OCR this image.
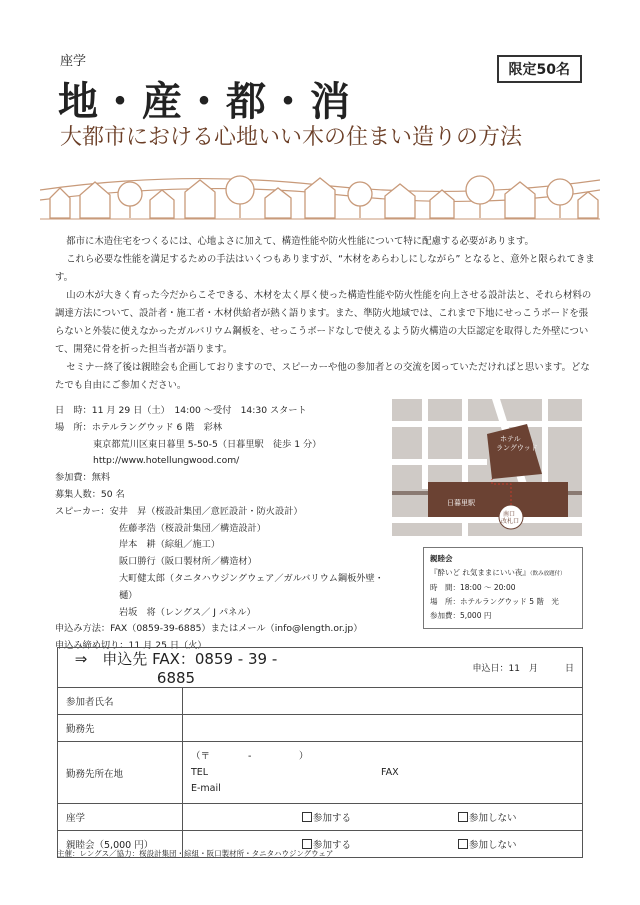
座学
地・産・都・消
大都市における心地いい木の住まい造りの方法
限定50名

都市に木造住宅をつくるには、心地よさに加えて、構造性能や防火性能について特に配慮する必要があります。

これら必要な性能を満足するための手法はいくつもありますが、“木材をあらわしにしながら” となると、意外と限られてきます。

山の木が大きく育った今だからこそできる、木材を太く厚く使った構造性能や防火性能を向上させる設計法と、それら材料の調達方法について、設計者・施工者・木材供給者が熱く語ります。また、準防火地域では、これまで下地にせっこうボードを張らないと外装に使えなかったガルバリウム鋼板を、せっこうボードなしで使えるよう防火構造の大臣認定を取得した外壁について、開発に骨を折った担当者が語ります。

セミナー終了後は親睦会も企画しておりますので、スピーカーや他の参加者との交流を図っていただければと思います。どなたでも自由にご参加ください。

日　時：11 月 29 日（土）　14:00 〜受付　14:30 スタート
場　所：ホテルラングウッド 6 階　彩林
東京都荒川区東日暮里 5-50-5（日暮里駅　徒歩 1 分）
http://www.hotellungwood.com/
参加費：無料
募集人数：50 名
スピーカー： 安井　昇（桜設計集団／意匠設計・防火設計）
佐藤孝浩（桜設計集団／構造設計）
岸本　耕（綜組／施工）
阪口勝行（阪口製材所／構造材）
大町健太郎（タニタハウジングウェア／ガルバリウム鋼板外壁・樋）
岩坂　将（レングス／ J パネル）
申込み方法：FAX（0859-39-6885）またはメール（info@length.or.jp）
申込み締め切り：11 月 25 日（火）
ホテル
ラングウッド
日暮里駅
南口
改札口
親睦会
『酔いど れ気ままにいい夜』（飲み放題付）
時　間：18:00 〜 20:00
場　所：ホテルラングウッド 5 階　光
参加費：5,000 円
⇒　申込先 FAX：0859 - 39 - 6885		申込日：11　月　　　日	
参加者氏名			
勤務先			
勤務先所在地	（〒　　　　-　　　　　）
TEL FAX
E-mail		

座学		参加する	参加しない
親睦会（5,000 円）		参加する	参加しない
主催：レングス／協力：桜設計集団・綜組・阪口製材所・タニタハウジングウェア
